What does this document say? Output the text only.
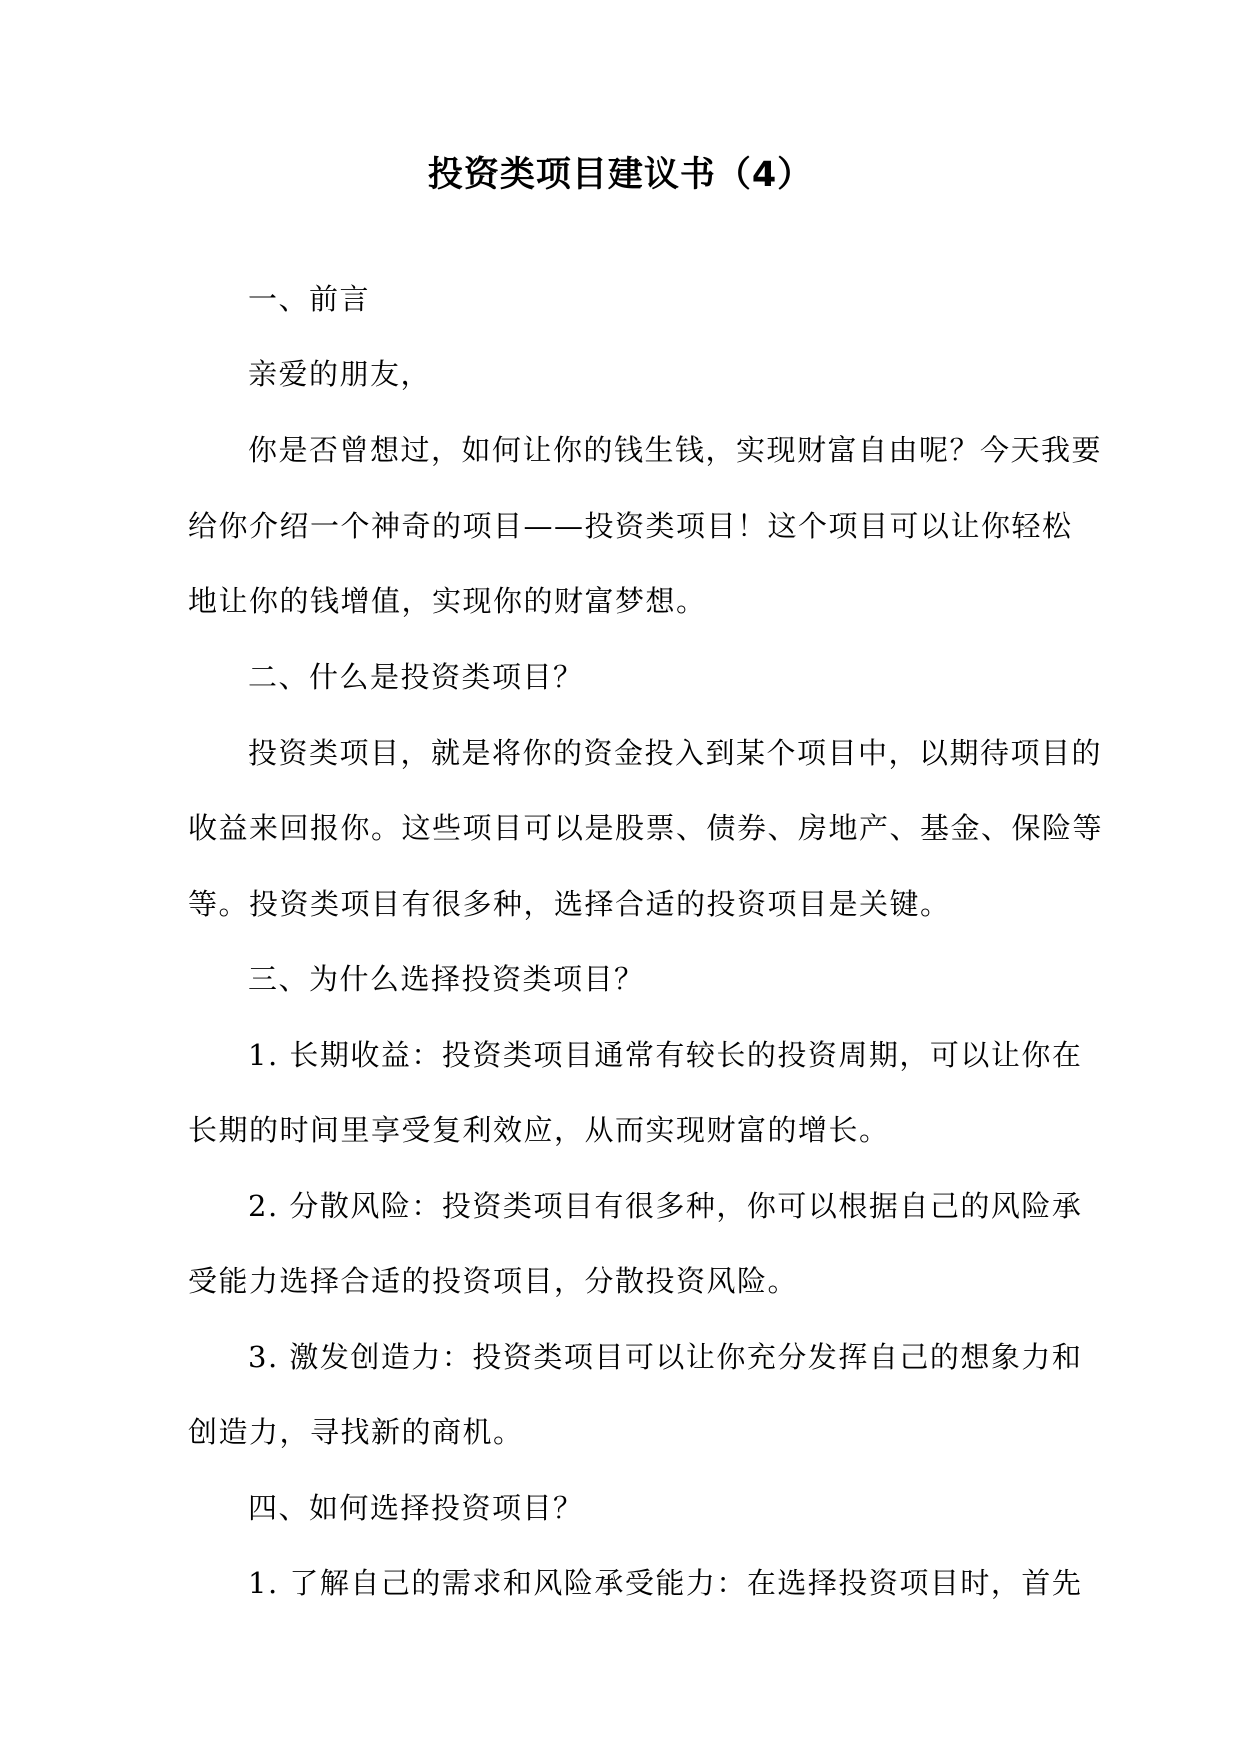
投资类项目建议书（4）
一、前言
亲爱的朋友，
你是否曾想过，如何让你的钱生钱，实现财富自由呢？今天我要
给你介绍一个神奇的项目——投资类项目！这个项目可以让你轻松
地让你的钱增值，实现你的财富梦想。
二、什么是投资类项目？
投资类项目，就是将你的资金投入到某个项目中，以期待项目的
收益来回报你。这些项目可以是股票、债券、房地产、基金、保险等
等。投资类项目有很多种，选择合适的投资项目是关键。
三、为什么选择投资类项目？
1. 长期收益：投资类项目通常有较长的投资周期，可以让你在
长期的时间里享受复利效应，从而实现财富的增长。
2. 分散风险：投资类项目有很多种，你可以根据自己的风险承
受能力选择合适的投资项目，分散投资风险。
3. 激发创造力：投资类项目可以让你充分发挥自己的想象力和
创造力，寻找新的商机。
四、如何选择投资项目？
1. 了解自己的需求和风险承受能力：在选择投资项目时，首先
